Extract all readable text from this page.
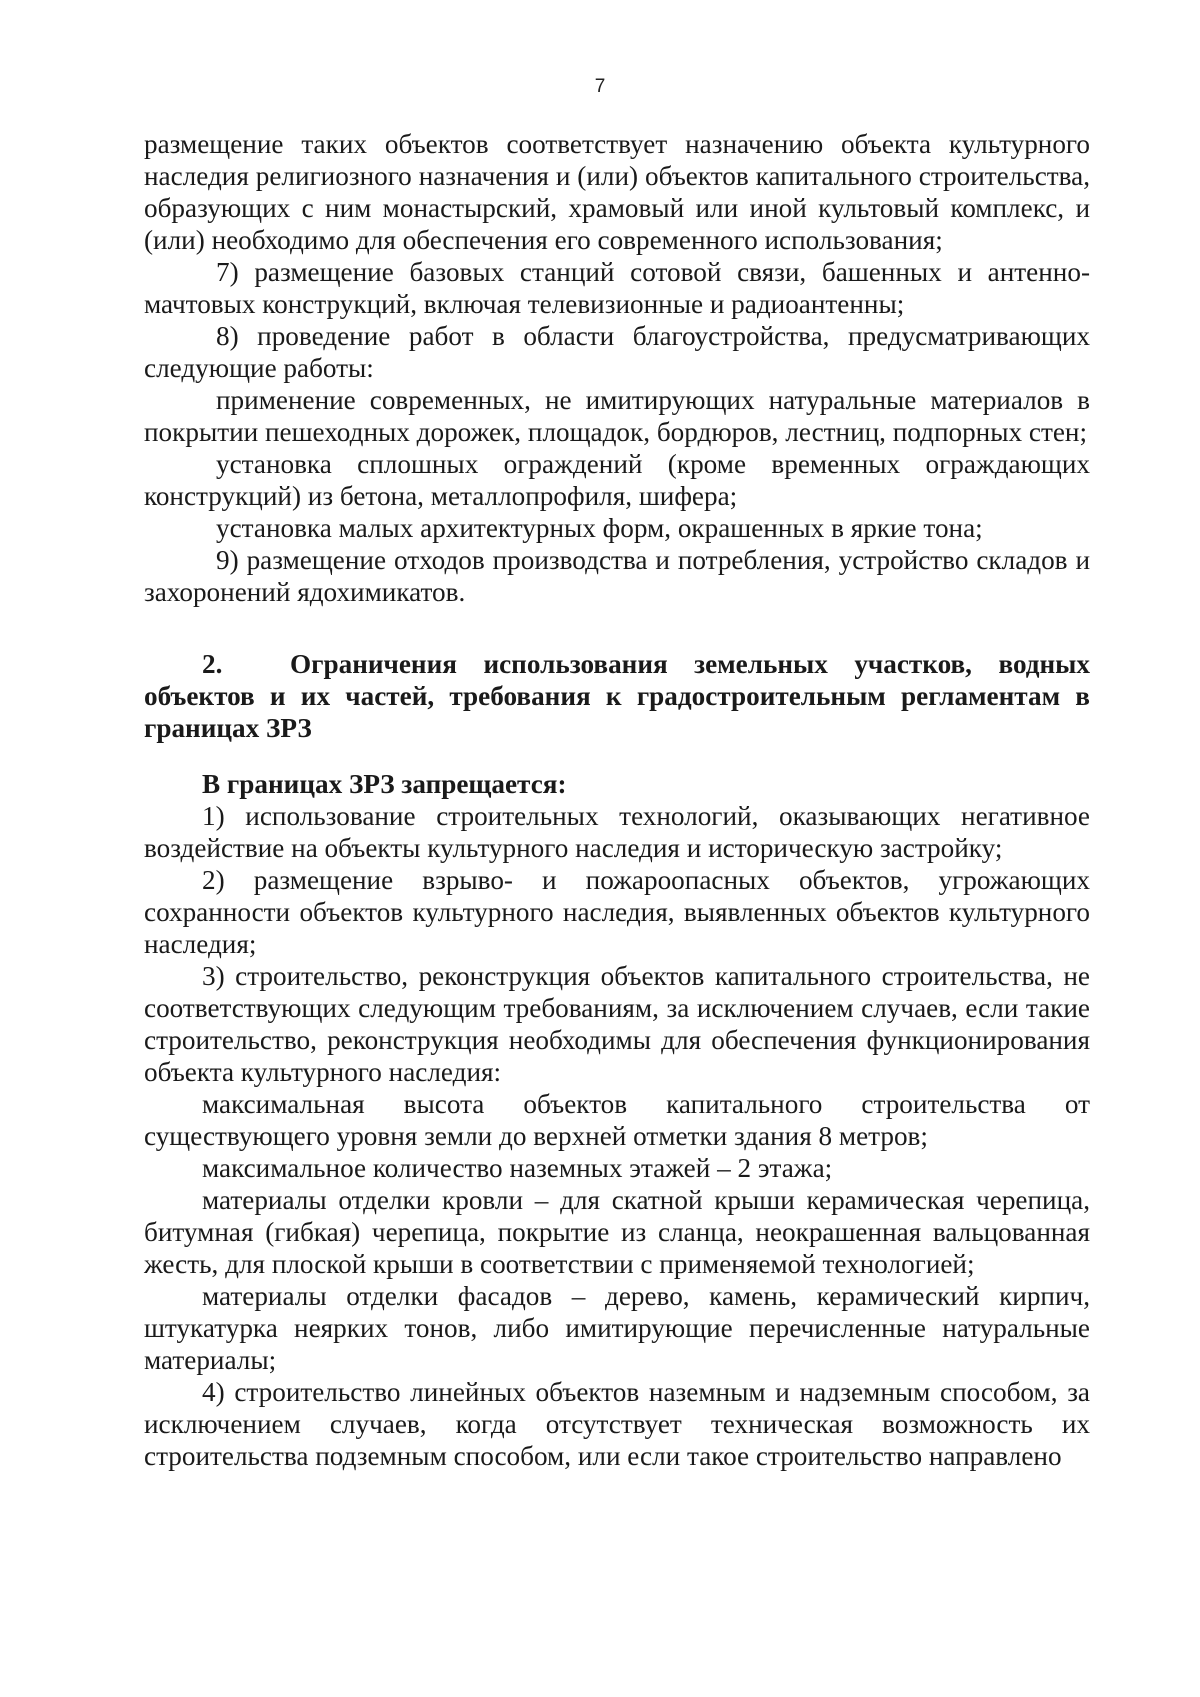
7

размещение таких объектов соответствует назначению объекта культурного наследия религиозного назначения и (или) объектов капитального строительства, образующих с ним монастырский, храмовый или иной культовый комплекс, и (или) необходимо для обеспечения его современного использования;

7) размещение базовых станций сотовой связи, башенных и антенно-мачтовых конструкций, включая телевизионные и радиоантенны;

8) проведение работ в области благоустройства, предусматривающих следующие работы:

применение современных, не имитирующих натуральные материалов в покрытии пешеходных дорожек, площадок, бордюров, лестниц, подпорных стен;

установка сплошных ограждений (кроме временных ограждающих конструкций) из бетона, металлопрофиля, шифера;

установка малых архитектурных форм, окрашенных в яркие тона;

9) размещение отходов производства и потребления, устройство складов и захоронений ядохимикатов.

2. Ограничения использования земельных участков, водных объектов и их частей, требования к градостроительным регламентам в границах ЗРЗ

В границах ЗРЗ запрещается:

1) использование строительных технологий, оказывающих негативное воздействие на объекты культурного наследия и историческую застройку;

2) размещение взрыво- и пожароопасных объектов, угрожающих сохранности объектов культурного наследия, выявленных объектов культурного наследия;

3) строительство, реконструкция объектов капитального строительства, не соответствующих следующим требованиям, за исключением случаев, если такие строительство, реконструкция необходимы для обеспечения функционирования объекта культурного наследия:

максимальная высота объектов капитального строительства от существующего уровня земли до верхней отметки здания 8 метров;

максимальное количество наземных этажей – 2 этажа;

материалы отделки кровли – для скатной крыши керамическая черепица, битумная (гибкая) черепица, покрытие из сланца, неокрашенная вальцованная жесть, для плоской крыши в соответствии с применяемой технологией;

материалы отделки фасадов – дерево, камень, керамический кирпич, штукатурка неярких тонов, либо имитирующие перечисленные натуральные материалы;

4) строительство линейных объектов наземным и надземным способом, за исключением случаев, когда отсутствует техническая возможность их строительства подземным способом, или если такое строительство направлено
